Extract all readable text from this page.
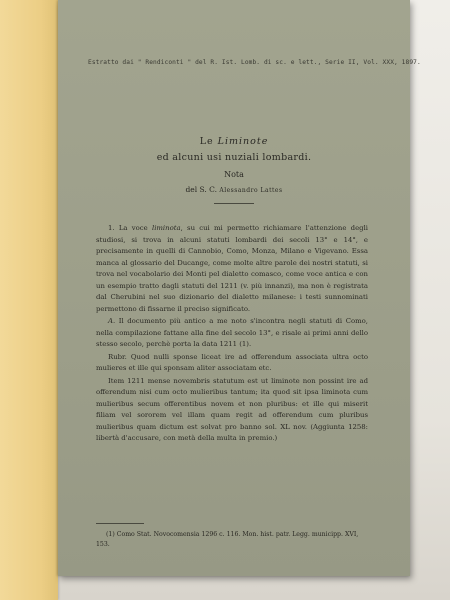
Estratto dai " Rendiconti " del R. Ist. Lomb. di sc. e lett., Serie II, Vol. XXX, 1897.
Le Liminote
ed alcuni usi nuziali lombardi.
Nota
del S. C. Alessandro Lattes

1. La voce liminota, su cui mi permetto richiamare l'attenzione degli studiosi, si trova in alcuni statuti lombardi dei secoli 13° e 14°, e precisamente in quelli di Cannobio, Como, Monza, Milano e Vigevano. Essa manca al glossario del Ducange, come molte altre parole dei nostri statuti, si trova nel vocabolario dei Monti pel dialetto comasco, come voce antica e con un esempio tratto dagli statuti del 1211 (v. più innanzi), ma non è registrata dal Cherubini nel suo dizionario del dialetto milanese: i testi sunnominati permettono di fissarne il preciso significato.

A. Il documento più antico a me noto s'incontra negli statuti di Como, nella compilazione fattane alla fine del secolo 13°, e risale ai primi anni dello stesso secolo, perchè porta la data 1211 (1).

Rubr. Quod nulli sponse liceat ire ad offerendum associata ultra octo mulieres et ille qui sponsam aliter associatam etc.

Item 1211 mense novembris statutum est ut liminote non possint ire ad offerendum nisi cum octo mulieribus tantum; ita quod sit ipsa liminota cum mulieribus secum offerentibus novem et non pluribus: et ille qui miserit filiam vel sororem vel illam quam regit ad offerendum cum pluribus mulieribus quam dictum est solvat pro banno sol. XL nov. (Aggiunta 1258: libertà d'accusare, con metà della multa in premio.)

(1) Como Stat. Novocomensia 1296 c. 116. Mon. hist. patr. Legg. municipp. XVI, 153.
